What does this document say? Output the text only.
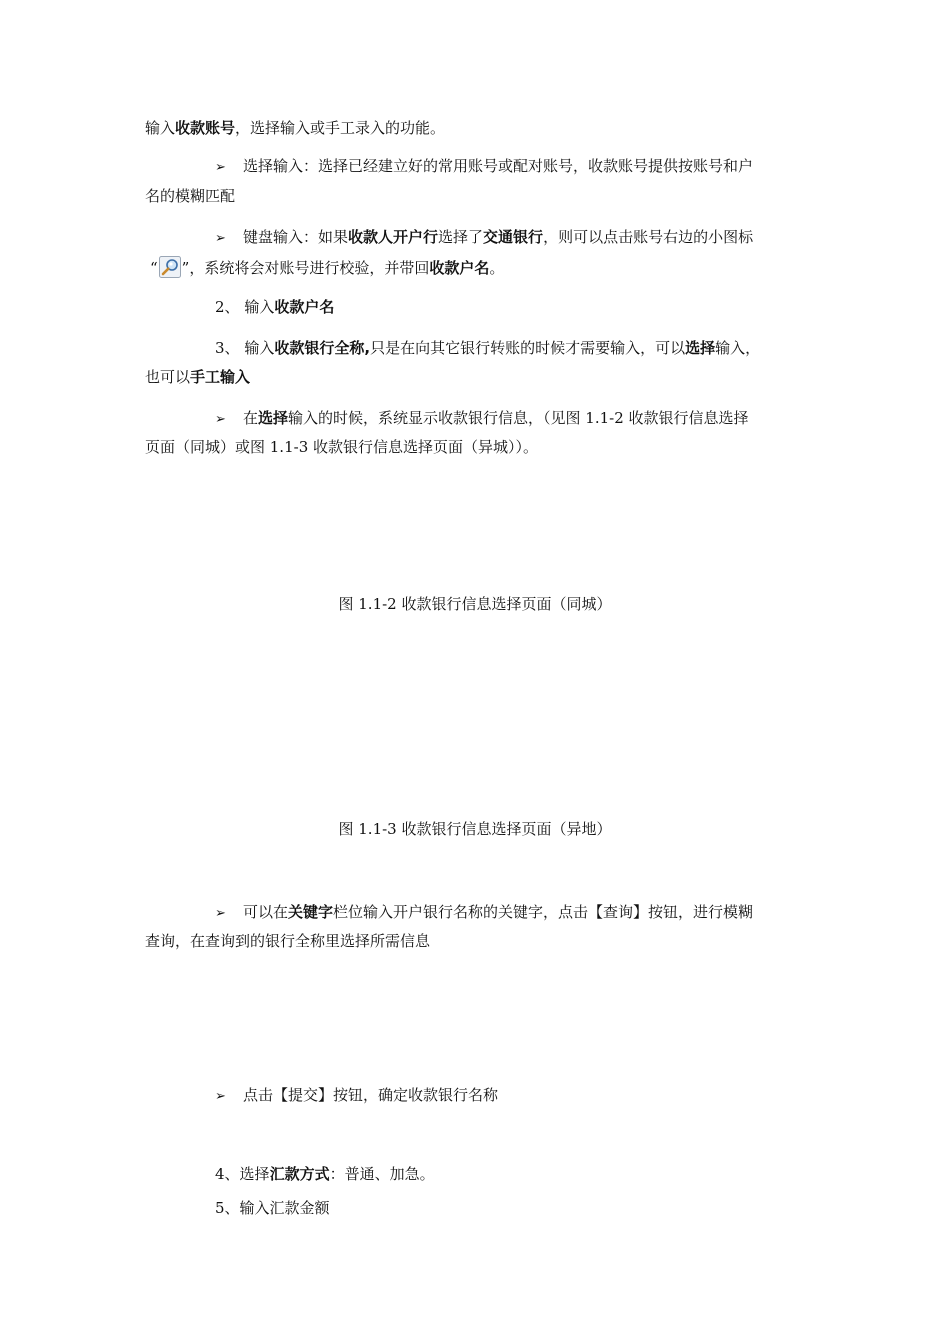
输入收款账号，选择输入或手工录入的功能。
➢ 选择输入：选择已经建立好的常用账号或配对账号，收款账号提供按账号和户
名的模糊匹配
➢ 键盘输入：如果收款人开户行选择了交通银行，则可以点击账号右边的小图标
“ ”，系统将会对账号进行校验，并带回收款户名。
2、 输入收款户名
3、 输入收款银行全称,只是在向其它银行转账的时候才需要输入，可以选择输入，
也可以手工输入
➢ 在选择输入的时候，系统显示收款银行信息，（见图 1.1-2 收款银行信息选择
页面（同城）或图 1.1-3 收款银行信息选择页面（异城））。
图 1.1-2 收款银行信息选择页面（同城）
图 1.1-3 收款银行信息选择页面（异地）
➢ 可以在关键字栏位输入开户银行名称的关键字，点击【查询】按钮，进行模糊
查询，在查询到的银行全称里选择所需信息
➢ 点击【提交】按钮，确定收款银行名称
4、选择汇款方式：普通、加急。
5、输入汇款金额
